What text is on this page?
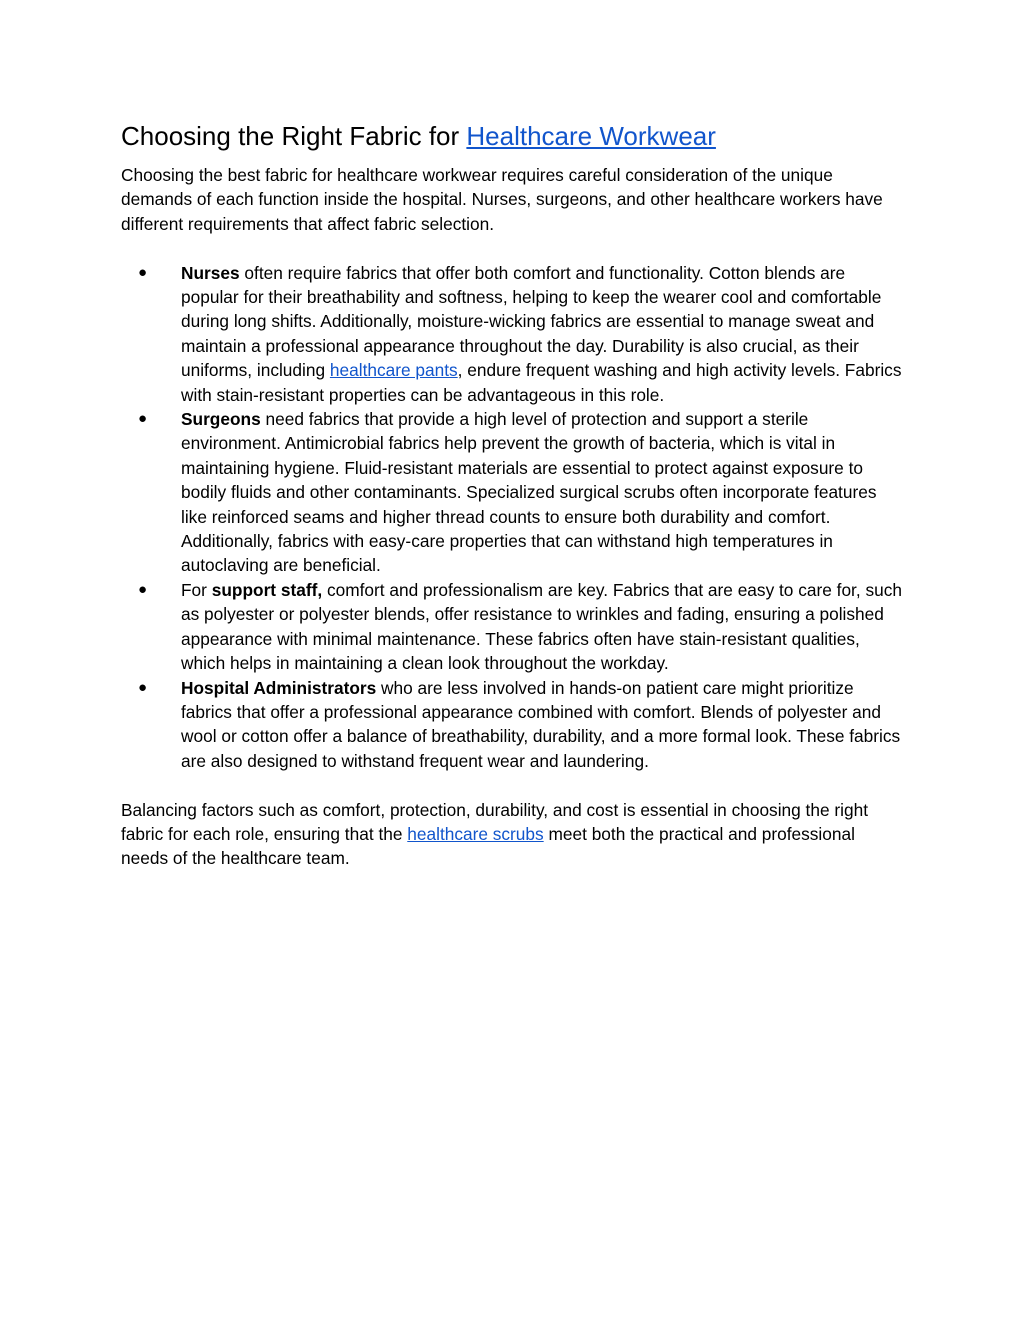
Choosing the Right Fabric for Healthcare Workwear

Choosing the best fabric for healthcare workwear requires careful consideration of the unique demands of each function inside the hospital. Nurses, surgeons, and other healthcare workers have different requirements that affect fabric selection.

● Nurses often require fabrics that offer both comfort and functionality. Cotton blends are popular for their breathability and softness, helping to keep the wearer cool and comfortable during long shifts. Additionally, moisture-wicking fabrics are essential to manage sweat and maintain a professional appearance throughout the day. Durability is also crucial, as their uniforms, including healthcare pants, endure frequent washing and high activity levels. Fabrics with stain-resistant properties can be advantageous in this role.
● Surgeons need fabrics that provide a high level of protection and support a sterile environment. Antimicrobial fabrics help prevent the growth of bacteria, which is vital in maintaining hygiene. Fluid-resistant materials are essential to protect against exposure to bodily fluids and other contaminants. Specialized surgical scrubs often incorporate features like reinforced seams and higher thread counts to ensure both durability and comfort. Additionally, fabrics with easy-care properties that can withstand high temperatures in autoclaving are beneficial.
● For support staff, comfort and professionalism are key. Fabrics that are easy to care for, such as polyester or polyester blends, offer resistance to wrinkles and fading, ensuring a polished appearance with minimal maintenance. These fabrics often have stain-resistant qualities, which helps in maintaining a clean look throughout the workday.
● Hospital Administrators who are less involved in hands-on patient care might prioritize fabrics that offer a professional appearance combined with comfort. Blends of polyester and wool or cotton offer a balance of breathability, durability, and a more formal look. These fabrics are also designed to withstand frequent wear and laundering.

Balancing factors such as comfort, protection, durability, and cost is essential in choosing the right fabric for each role, ensuring that the healthcare scrubs meet both the practical and professional needs of the healthcare team.
